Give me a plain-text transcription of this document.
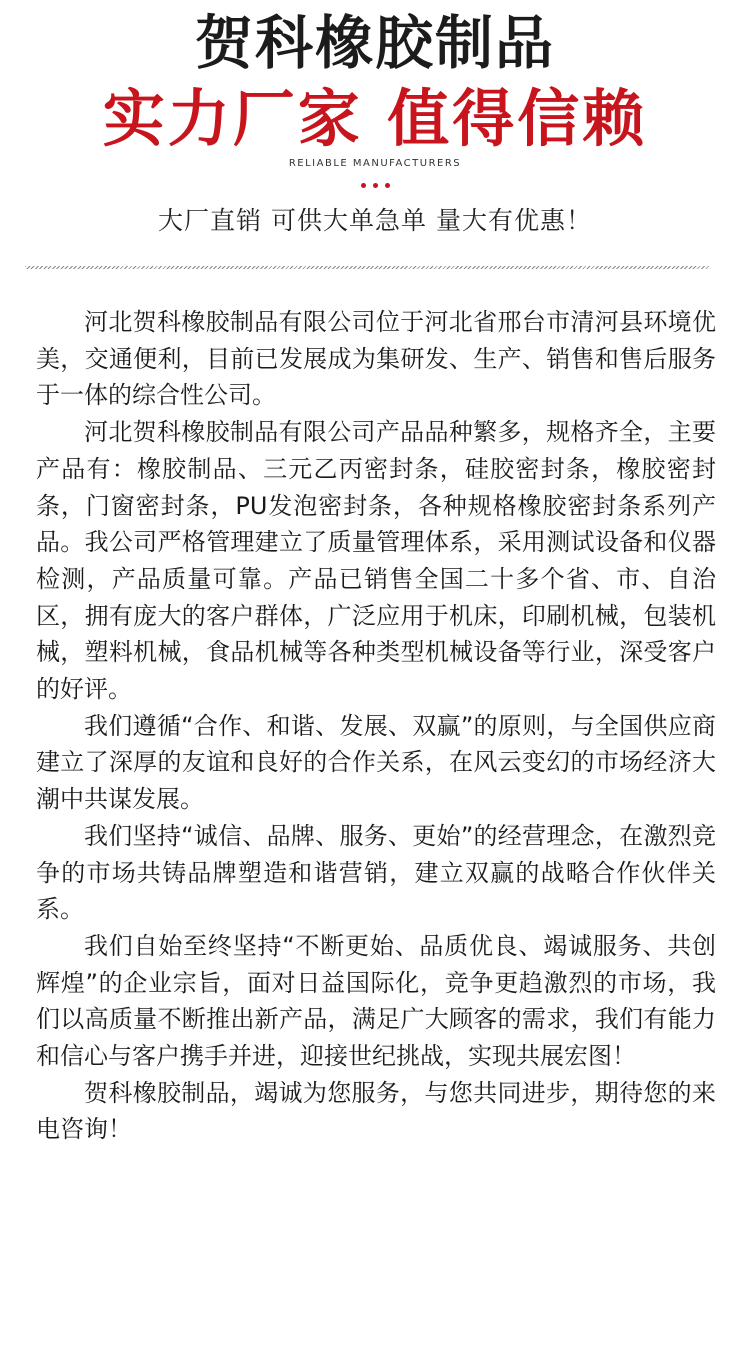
贺科橡胶制品
实力厂家 值得信赖
RELIABLE MANUFACTURERS
大厂直销 可供大单急单 量大有优惠！

河北贺科橡胶制品有限公司位于河北省邢台市清河县环境优美，交通便利，目前已发展成为集研发、生产、销售和售后服务于一体的综合性公司。

河北贺科橡胶制品有限公司产品品种繁多，规格齐全，主要产品有：橡胶制品、三元乙丙密封条，硅胶密封条，橡胶密封条，门窗密封条，PU发泡密封条，各种规格橡胶密封条系列产品。我公司严格管理建立了质量管理体系，采用测试设备和仪器检测，产品质量可靠。产品已销售全国二十多个省、市、自治区，拥有庞大的客户群体，广泛应用于机床，印刷机械，包装机械，塑料机械，食品机械等各种类型机械设备等行业，深受客户的好评。

我们遵循“合作、和谐、发展、双赢”的原则，与全国供应商建立了深厚的友谊和良好的合作关系，在风云变幻的市场经济大潮中共谋发展。

我们坚持“诚信、品牌、服务、更始”的经营理念，在激烈竞争的市场共铸品牌塑造和谐营销，建立双赢的战略合作伙伴关系。

我们自始至终坚持“不断更始、品质优良、竭诚服务、共创辉煌”的企业宗旨，面对日益国际化，竞争更趋激烈的市场，我们以高质量不断推出新产品，满足广大顾客的需求，我们有能力和信心与客户携手并进，迎接世纪挑战，实现共展宏图！

贺科橡胶制品，竭诚为您服务，与您共同进步，期待您的来电咨询！
